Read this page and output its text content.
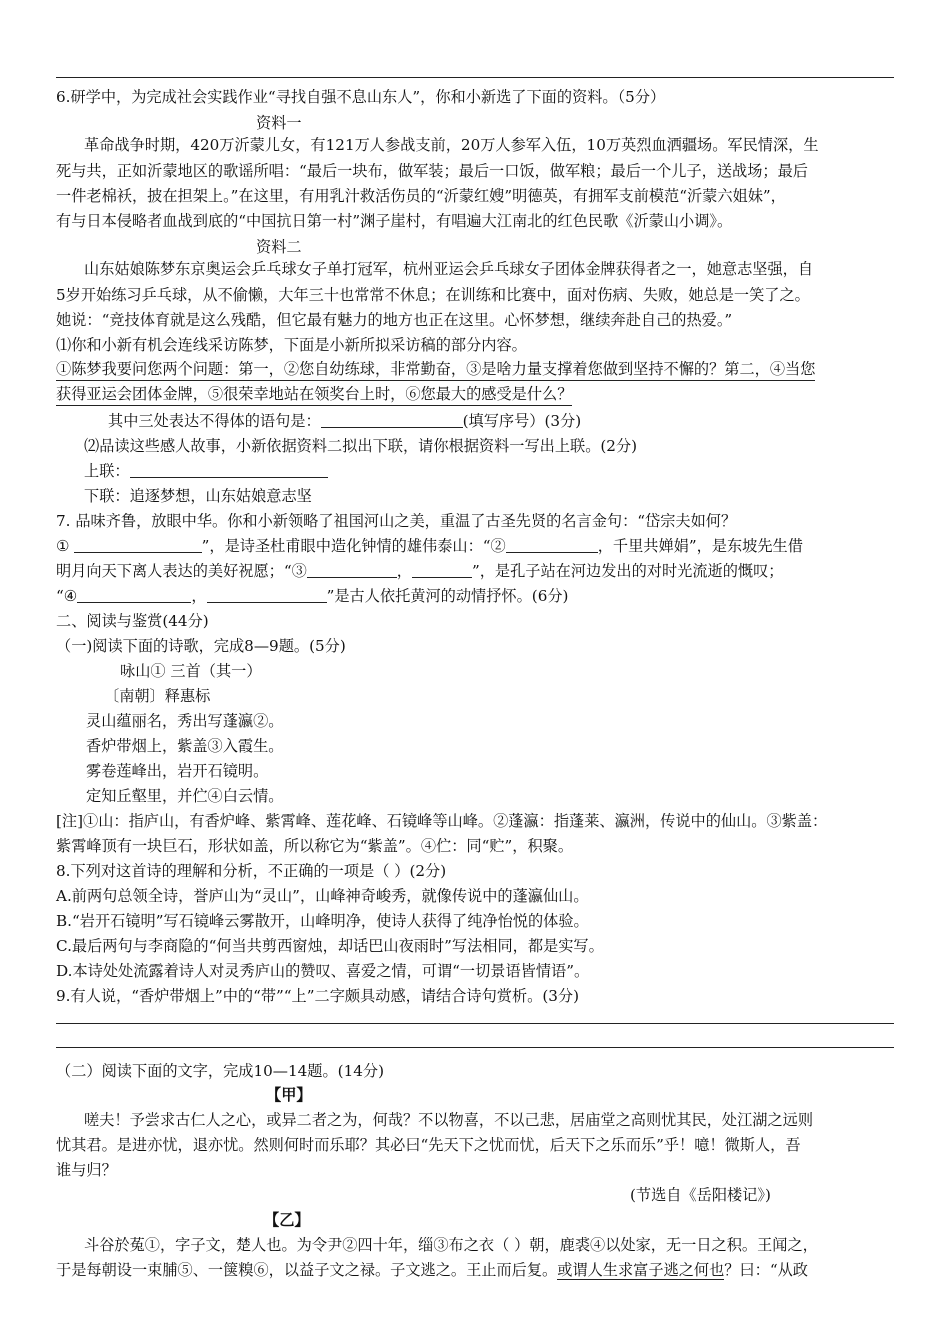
6.研学中，为完成社会实践作业“寻找自强不息山东人”，你和小新选了下面的资料。（5分）
资料一
革命战争时期，420万沂蒙儿女，有121万人参战支前，20万人参军入伍，10万英烈血洒疆场。军民情深，生
死与共，正如沂蒙地区的歌谣所唱：“最后一块布，做军装；最后一口饭，做军粮；最后一个儿子，送战场；最后
一件老棉袄，披在担架上。”在这里，有用乳汁救活伤员的“沂蒙红嫂”明德英，有拥军支前模范“沂蒙六姐妹”，
有与日本侵略者血战到底的“中国抗日第一村”渊子崖村，有唱遍大江南北的红色民歌《沂蒙山小调》。
资料二
山东姑娘陈梦东京奥运会乒乓球女子单打冠军，杭州亚运会乒乓球女子团体金牌获得者之一，她意志坚强，自
5岁开始练习乒乓球，从不偷懒，大年三十也常常不休息；在训练和比赛中，面对伤病、失败，她总是一笑了之。
她说：“竞技体育就是这么残酷，但它最有魅力的地方也正在这里。心怀梦想，继续奔赴自己的热爱。”
⑴你和小新有机会连线采访陈梦，下面是小新所拟采访稿的部分内容。
①陈梦我要问您两个问题：第一，②您自幼练球，非常勤奋，③是啥力量支撑着您做到坚持不懈的？第二，④当您
获得亚运会团体金牌，⑤很荣幸地站在领奖台上时，⑥您最大的感受是什么？
其中三处表达不得体的语句是：	(填写序号）(3分)
⑵品读这些感人故事，小新依据资料二拟出下联，请你根据资料一写出上联。(2分)
上联：
下联：追逐梦想，山东姑娘意志坚
7. 品味齐鲁，放眼中华。你和小新领略了祖国河山之美，重温了古圣先贤的名言金句：“岱宗夫如何？
①	”，是诗圣杜甫眼中造化钟情的雄伟泰山：“②	，千里共婵娟”，是东坡先生借
明月向天下离人表达的美好祝愿；“③	，	”，是孔子站在河边发出的对时光流逝的慨叹；
“④	，	”是古人依托黄河的动情抒怀。(6分)
二、阅读与鉴赏(44分)
（一)阅读下面的诗歌，完成8—9题。(5分)
咏山① 三首（其一）
〔南朝〕释惠标
灵山蕴丽名，秀出写蓬瀛②。
香炉带烟上，紫盖③入霞生。
雾卷莲峰出，岩开石镜明。
定知丘壑里，并伫④白云情。
[注]①山：指庐山，有香炉峰、紫霄峰、莲花峰、石镜峰等山峰。②蓬瀛：指蓬莱、瀛洲，传说中的仙山。③紫盖：
紫霄峰顶有一块巨石，形状如盖，所以称它为“紫盖”。④伫：同“贮”，积聚。
8.下列对这首诗的理解和分析，不正确的一项是（ ）(2分)
A.前两句总领全诗，誉庐山为“灵山”，山峰神奇峻秀，就像传说中的蓬瀛仙山。
B.“岩开石镜明”写石镜峰云雾散开，山峰明净，使诗人获得了纯净怡悦的体验。
C.最后两句与李商隐的“何当共剪西窗烛，却话巴山夜雨时”写法相同，都是实写。
D.本诗处处流露着诗人对灵秀庐山的赞叹、喜爱之情，可谓“一切景语皆情语”。
9.有人说，“香炉带烟上”中的“带”“上”二字颇具动感，请结合诗句赏析。(3分)
（二）阅读下面的文字，完成10—14题。(14分)
【甲】
嗟夫！予尝求古仁人之心，或异二者之为，何哉？不以物喜，不以己悲，居庙堂之高则忧其民，处江湖之远则
忧其君。是进亦忧，退亦忧。然则何时而乐耶？其必曰“先天下之忧而忧，后天下之乐而乐”乎！噫！微斯人，吾
谁与归？
(节选自《岳阳楼记》)
【乙】
斗谷於菟①，字子文，楚人也。为令尹②四十年，缁③布之衣（ ）朝，鹿裘④以处家，无一日之积。王闻之，
于是每朝设一束脯⑤、一箧糗⑥，以益子文之禄。子文逃之。王止而后复。或谓人生求富子逃之何也？曰：“从政
